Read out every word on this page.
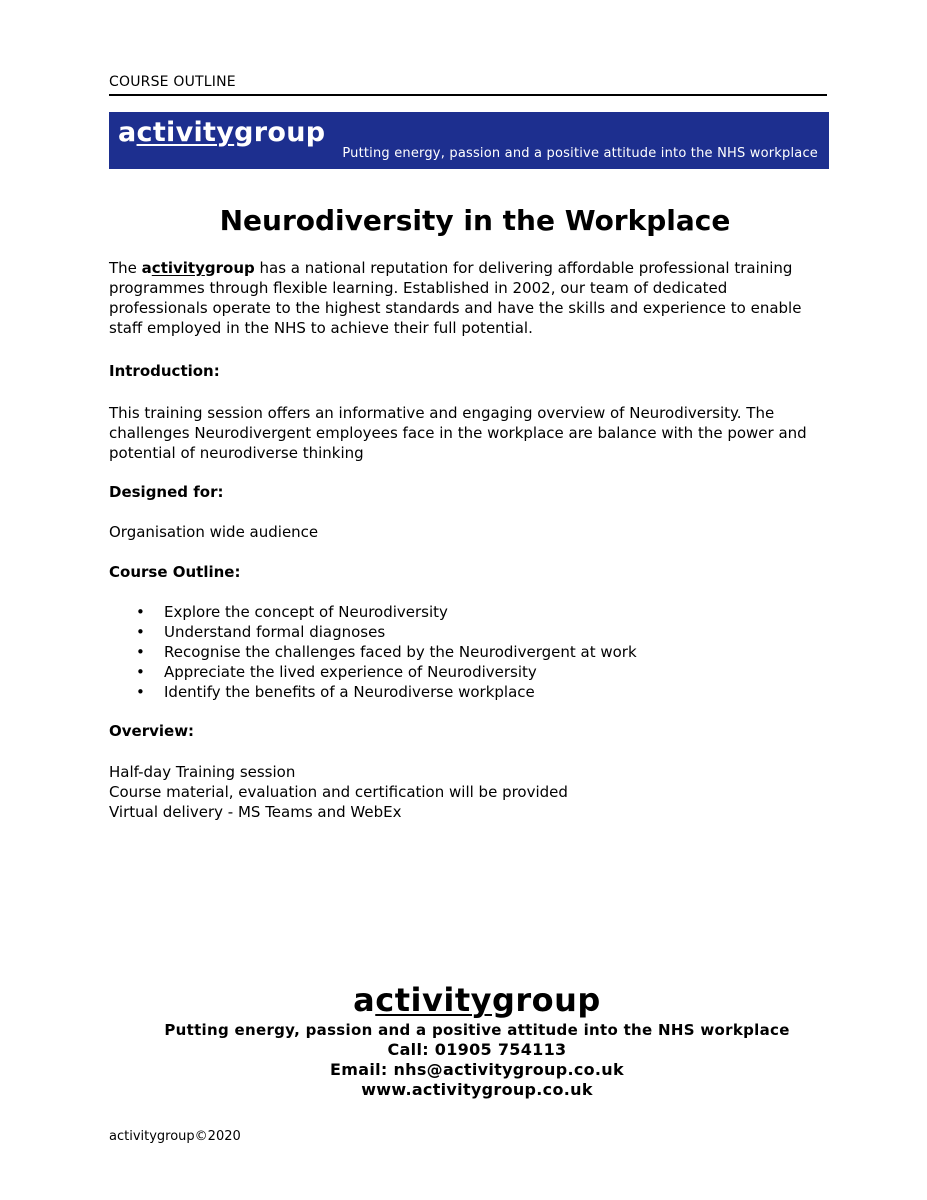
COURSE OUTLINE
activitygroup
Putting energy, passion and a positive attitude into the NHS workplace
Neurodiversity in the Workplace

The activitygroup has a national reputation for delivering affordable professional training programmes through flexible learning. Established in 2002, our team of dedicated professionals operate to the highest standards and have the skills and experience to enable staff employed in the NHS to achieve their full potential.

Introduction:

This training session offers an informative and engaging overview of Neurodiversity. The challenges Neurodivergent employees face in the workplace are balance with the power and potential of neurodiverse thinking

Designed for:

Organisation wide audience

Course Outline:

• Explore the concept of Neurodiversity
• Understand formal diagnoses
• Recognise the challenges faced by the Neurodivergent at work
• Appreciate the lived experience of Neurodiversity
• Identify the benefits of a Neurodiverse workplace

Overview:

Half-day Training session
Course material, evaluation and certification will be provided
Virtual delivery - MS Teams and WebEx
activitygroup
Putting energy, passion and a positive attitude into the NHS workplace
Call: 01905 754113
Email: nhs@activitygroup.co.uk
www.activitygroup.co.uk
activitygroup©2020
